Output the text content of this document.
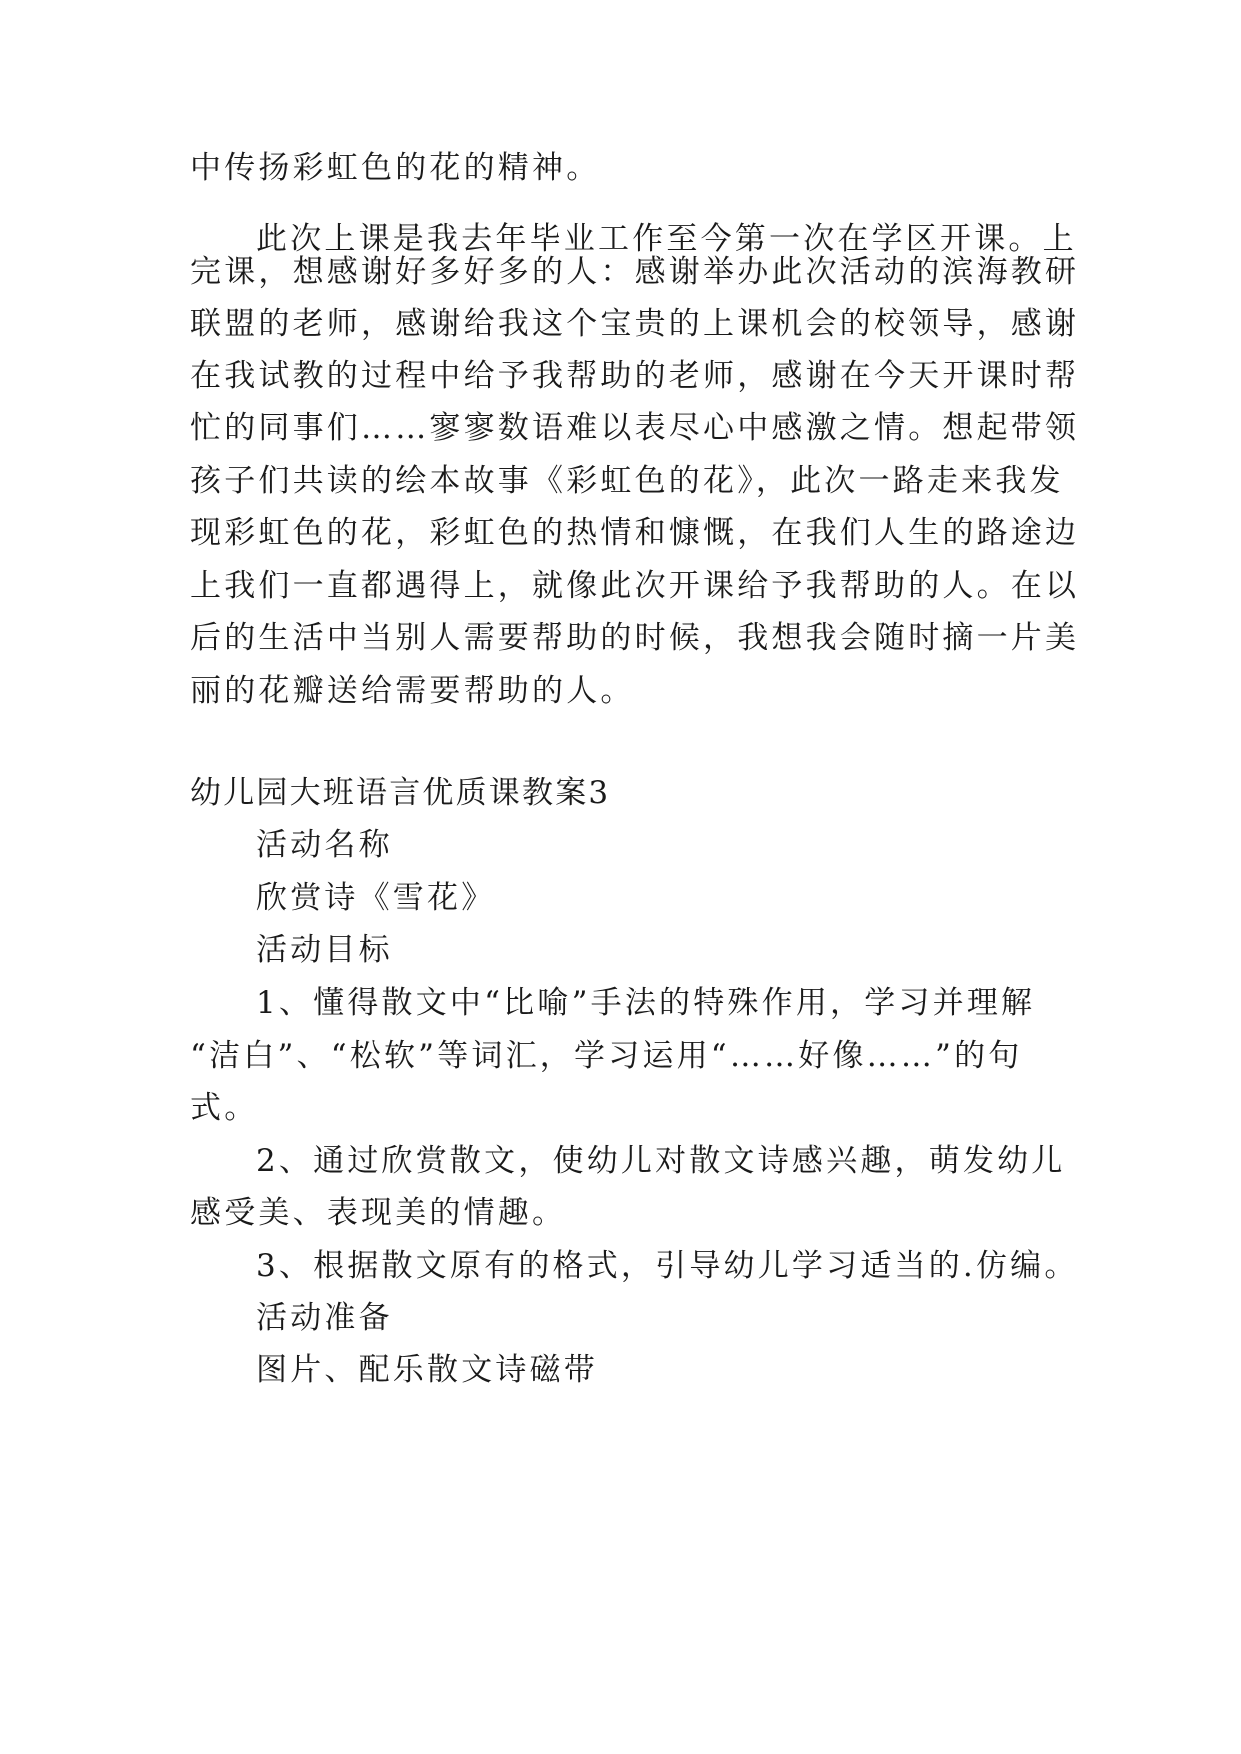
中传扬彩虹色的花的精神。
此次上课是我去年毕业工作至今第一次在学区开课。上
完课，想感谢好多好多的人：感谢举办此次活动的滨海教研
联盟的老师，感谢给我这个宝贵的上课机会的校领导，感谢
在我试教的过程中给予我帮助的老师，感谢在今天开课时帮
忙的同事们……寥寥数语难以表尽心中感激之情。想起带领
孩子们共读的绘本故事《彩虹色的花》，此次一路走来我发
现彩虹色的花，彩虹色的热情和慷慨，在我们人生的路途边
上我们一直都遇得上，就像此次开课给予我帮助的人。在以
后的生活中当别人需要帮助的时候，我想我会随时摘一片美
丽的花瓣送给需要帮助的人。
幼儿园大班语言优质课教案3
活动名称
欣赏诗《雪花》
活动目标
1、懂得散文中“比喻”手法的特殊作用，学习并理解
“洁白”、“松软”等词汇，学习运用“……好像……”的句
式。
2、通过欣赏散文，使幼儿对散文诗感兴趣，萌发幼儿
感受美、表现美的情趣。
3、根据散文原有的格式，引导幼儿学习适当的.仿编。
活动准备
图片、配乐散文诗磁带
